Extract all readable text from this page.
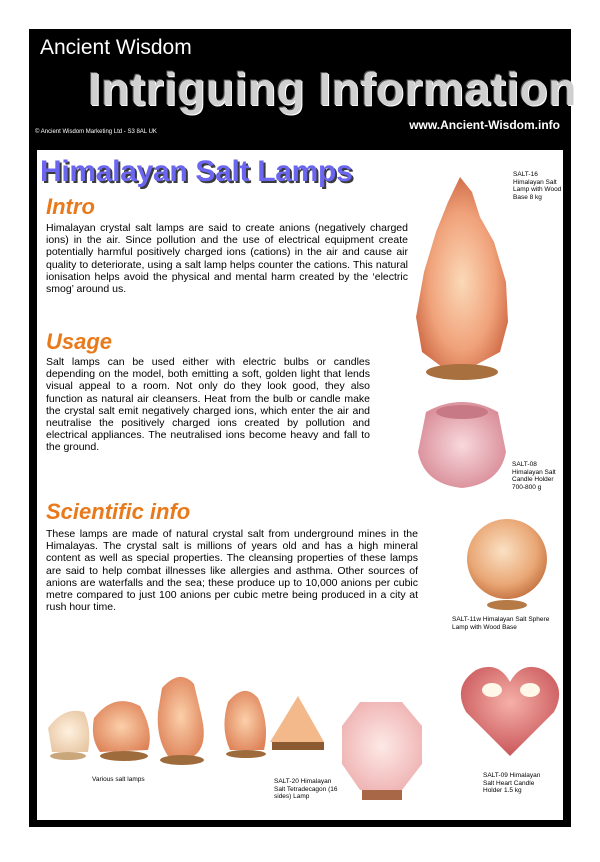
Ancient Wisdom
Intriguing Information
© Ancient Wisdom Marketing Ltd - S3 8AL UK	www.Ancient-Wisdom.info
Himalayan Salt Lamps
Intro
Himalayan crystal salt lamps are said to create anions (negatively charged ions) in the air. Since pollution and the use of electrical equipment create potentially harmful positively charged ions (cations) in the air and cause air quality to deteriorate, using a salt lamp helps counter the cations. This natural ionisation helps avoid the physical and mental harm created by the ‘electric smog’ around us.
Usage
Salt lamps can be used either with electric bulbs or candles depending on the model, both emitting a soft, golden light that lends visual appeal to a room. Not only do they look good, they also function as natural air cleansers. Heat from the bulb or candle make the crystal salt emit negatively charged ions, which enter the air and neutralise the positively charged ions created by pollution and electrical appliances. The neutralised ions become heavy and fall to the ground.
Scientific info
These lamps are made of natural crystal salt from underground mines in the Himalayas. The crystal salt is millions of years old and has a high mineral content as well as special properties. The cleansing properties of these lamps are said to help combat illnesses like allergies and asthma. Other sources of anions are waterfalls and the sea; these produce up to 10,000 anions per cubic metre compared to just 100 anions per cubic metre being produced in a city at rush hour time.
SALT-16 Himalayan Salt Lamp with Wood Base 8 kg
SALT-08 Himalayan Salt Candle Holder 700-800 g
SALT-11w Himalayan Salt Sphere Lamp with Wood Base
Various salt lamps	SALT-20 Himalayan Salt Tetradecagon (16 sides) Lamp
SALT-09 Himalayan Salt Heart Candle Holder 1.5 kg
